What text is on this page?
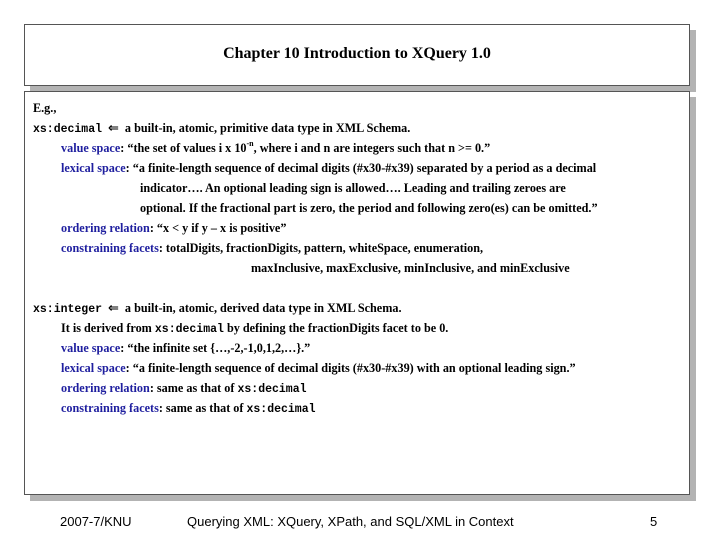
Chapter 10 Introduction to XQuery 1.0
E.g.,
xs:decimal ⇐ a built-in, atomic, primitive data type in XML Schema.
value space: “the set of values i x $10^{-n}$, where i and n are integers such that n >= 0.”
lexical space: “a finite-length sequence of decimal digits (#x30-#x39) separated by a period as a decimal
indicator…. An optional leading sign is allowed…. Leading and trailing zeroes are
optional. If the fractional part is zero, the period and following zero(es) can be omitted.”
ordering relation: “x < y if y – x is positive”
constraining facets: totalDigits, fractionDigits, pattern, whiteSpace, enumeration,
maxInclusive, maxExclusive, minInclusive, and minExclusive
xs:integer ⇐ a built-in, atomic, derived data type in XML Schema.
It is derived from xs:decimal by defining the fractionDigits facet to be 0.
value space: “the infinite set {…,-2,-1,0,1,2,…}.”
lexical space: “a finite-length sequence of decimal digits (#x30-#x39) with an optional leading sign.”
ordering relation: same as that of xs:decimal
constraining facets: same as that of xs:decimal
2007-7/KNU	Querying XML: XQuery, XPath, and SQL/XML in Context	5
